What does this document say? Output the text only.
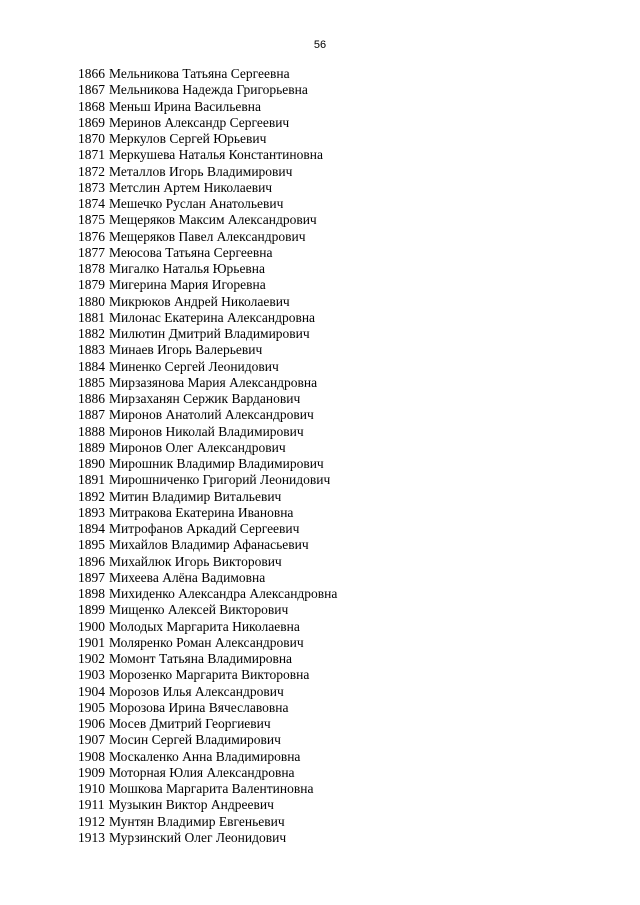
56
1866 Мельникова Татьяна Сергеевна
1867 Мельникова Надежда Григорьевна
1868 Меньш Ирина Васильевна
1869 Меринов Александр Сергеевич
1870 Меркулов Сергей Юрьевич
1871 Меркушева Наталья Константиновна
1872 Металлов Игорь Владимирович
1873 Метслин Артем Николаевич
1874 Мешечко Руслан Анатольевич
1875 Мещеряков Максим Александрович
1876 Мещеряков Павел Александрович
1877 Меюсова Татьяна Сергеевна
1878 Мигалко Наталья Юрьевна
1879 Мигерина Мария Игоревна
1880 Микрюков Андрей Николаевич
1881 Милонас Екатерина Александровна
1882 Милютин Дмитрий Владимирович
1883 Минаев Игорь Валерьевич
1884 Миненко Сергей Леонидович
1885 Мирзазянова Мария Александровна
1886 Мирзаханян Сержик Варданович
1887 Миронов Анатолий Александрович
1888 Миронов Николай Владимирович
1889 Миронов Олег Александрович
1890 Мирошник Владимир Владимирович
1891 Мирошниченко Григорий Леонидович
1892 Митин Владимир Витальевич
1893 Митракова Екатерина Ивановна
1894 Митрофанов Аркадий Сергеевич
1895 Михайлов Владимир Афанасьевич
1896 Михайлюк Игорь Викторович
1897 Михеева Алёна Вадимовна
1898 Михиденко Александра Александровна
1899 Мищенко Алексей Викторович
1900 Молодых Маргарита Николаевна
1901 Моляренко Роман Александрович
1902 Момонт Татьяна Владимировна
1903 Морозенко Маргарита Викторовна
1904 Морозов Илья Александрович
1905 Морозова Ирина Вячеславовна
1906 Мосев Дмитрий Георгиевич
1907 Мосин Сергей Владимирович
1908 Москаленко Анна Владимировна
1909 Моторная Юлия Александровна
1910 Мошкова Маргарита Валентиновна
1911 Музыкин Виктор Андреевич
1912 Мунтян Владимир Евгеньевич
1913 Мурзинский Олег Леонидович
